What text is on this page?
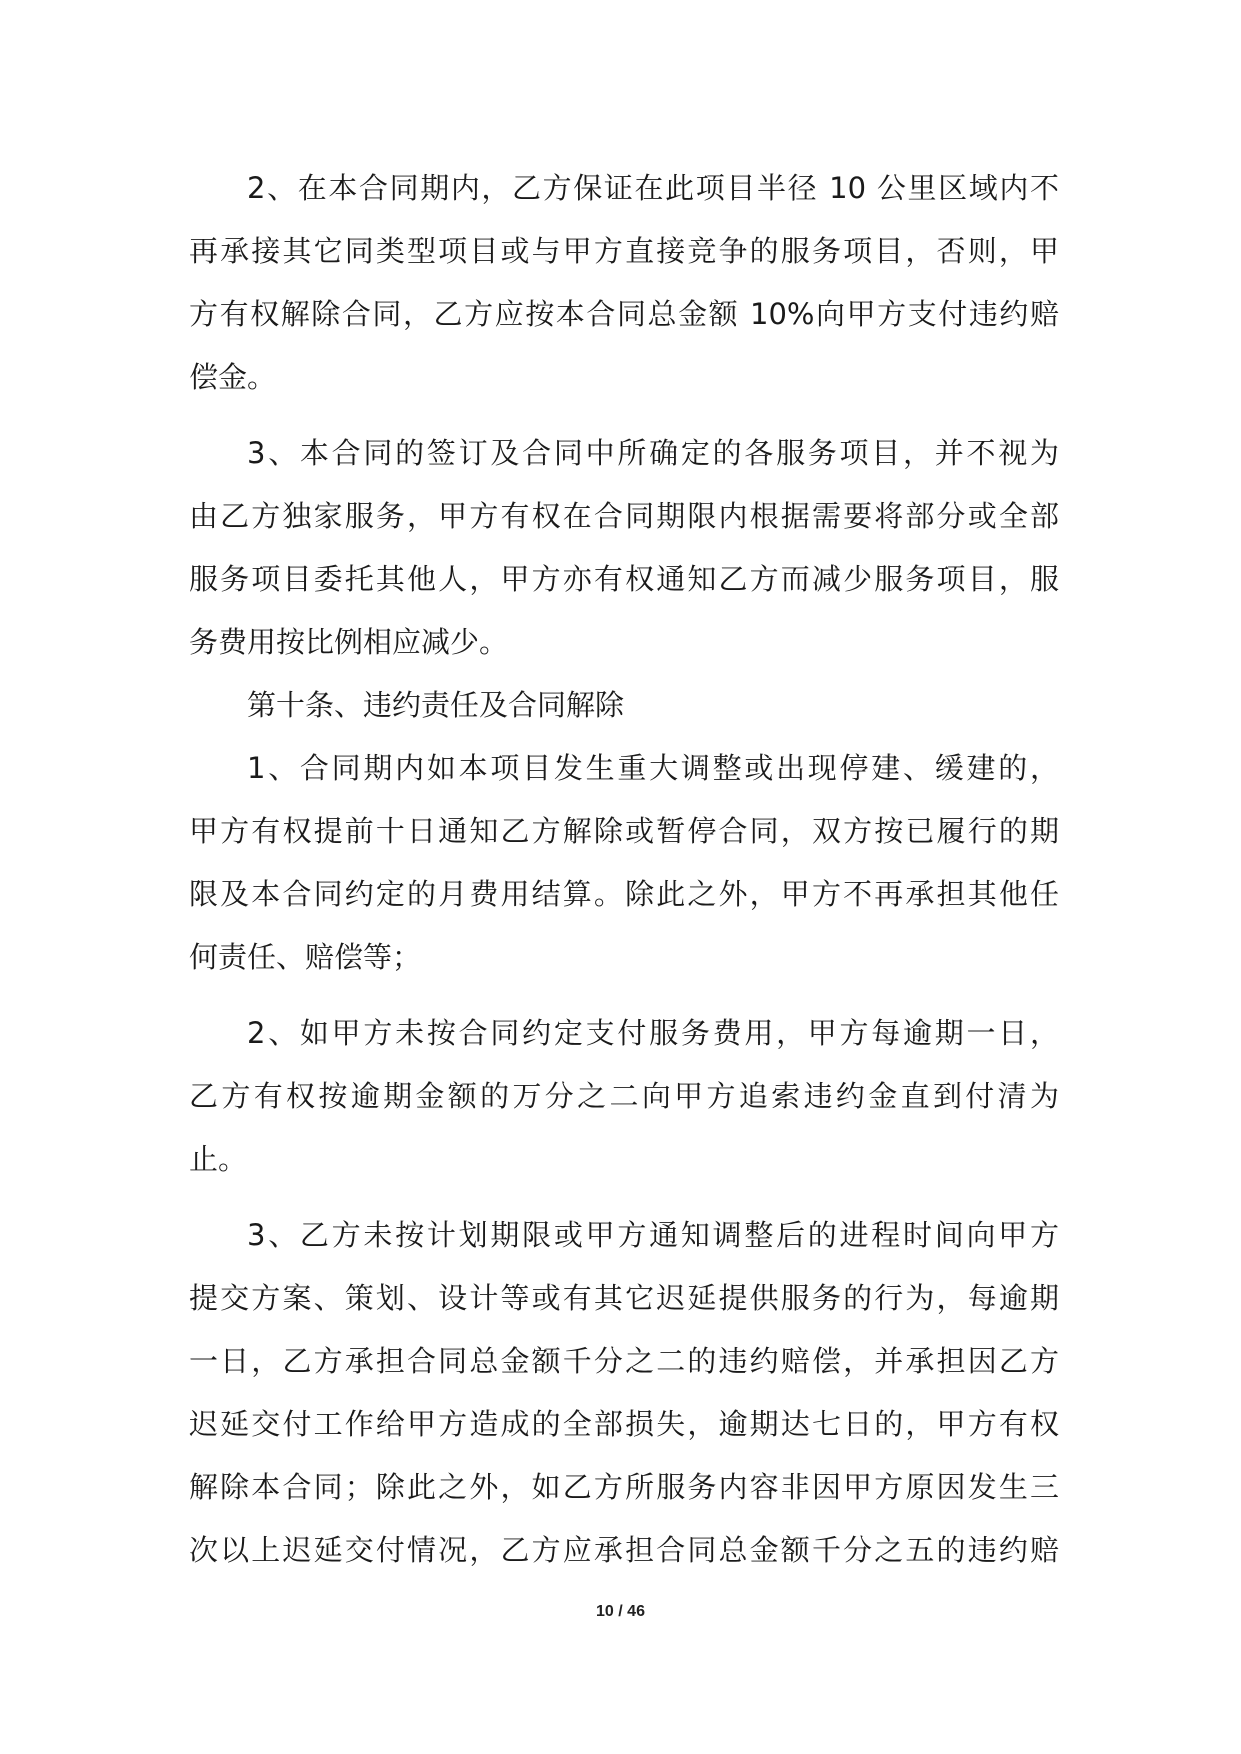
2、在本合同期内，乙方保证在此项目半径 10 公里区域内不
再承接其它同类型项目或与甲方直接竞争的服务项目，否则，甲
方有权解除合同，乙方应按本合同总金额 10%向甲方支付违约赔
偿金。
3、本合同的签订及合同中所确定的各服务项目，并不视为
由乙方独家服务，甲方有权在合同期限内根据需要将部分或全部
服务项目委托其他人，甲方亦有权通知乙方而减少服务项目，服
务费用按比例相应减少。
第十条、违约责任及合同解除
1、合同期内如本项目发生重大调整或出现停建、缓建的，
甲方有权提前十日通知乙方解除或暂停合同，双方按已履行的期
限及本合同约定的月费用结算。除此之外，甲方不再承担其他任
何责任、赔偿等；
2、如甲方未按合同约定支付服务费用，甲方每逾期一日，
乙方有权按逾期金额的万分之二向甲方追索违约金直到付清为
止。
3、乙方未按计划期限或甲方通知调整后的进程时间向甲方
提交方案、策划、设计等或有其它迟延提供服务的行为，每逾期
一日，乙方承担合同总金额千分之二的违约赔偿，并承担因乙方
迟延交付工作给甲方造成的全部损失，逾期达七日的，甲方有权
解除本合同；除此之外，如乙方所服务内容非因甲方原因发生三
次以上迟延交付情况，乙方应承担合同总金额千分之五的违约赔
10 / 46
